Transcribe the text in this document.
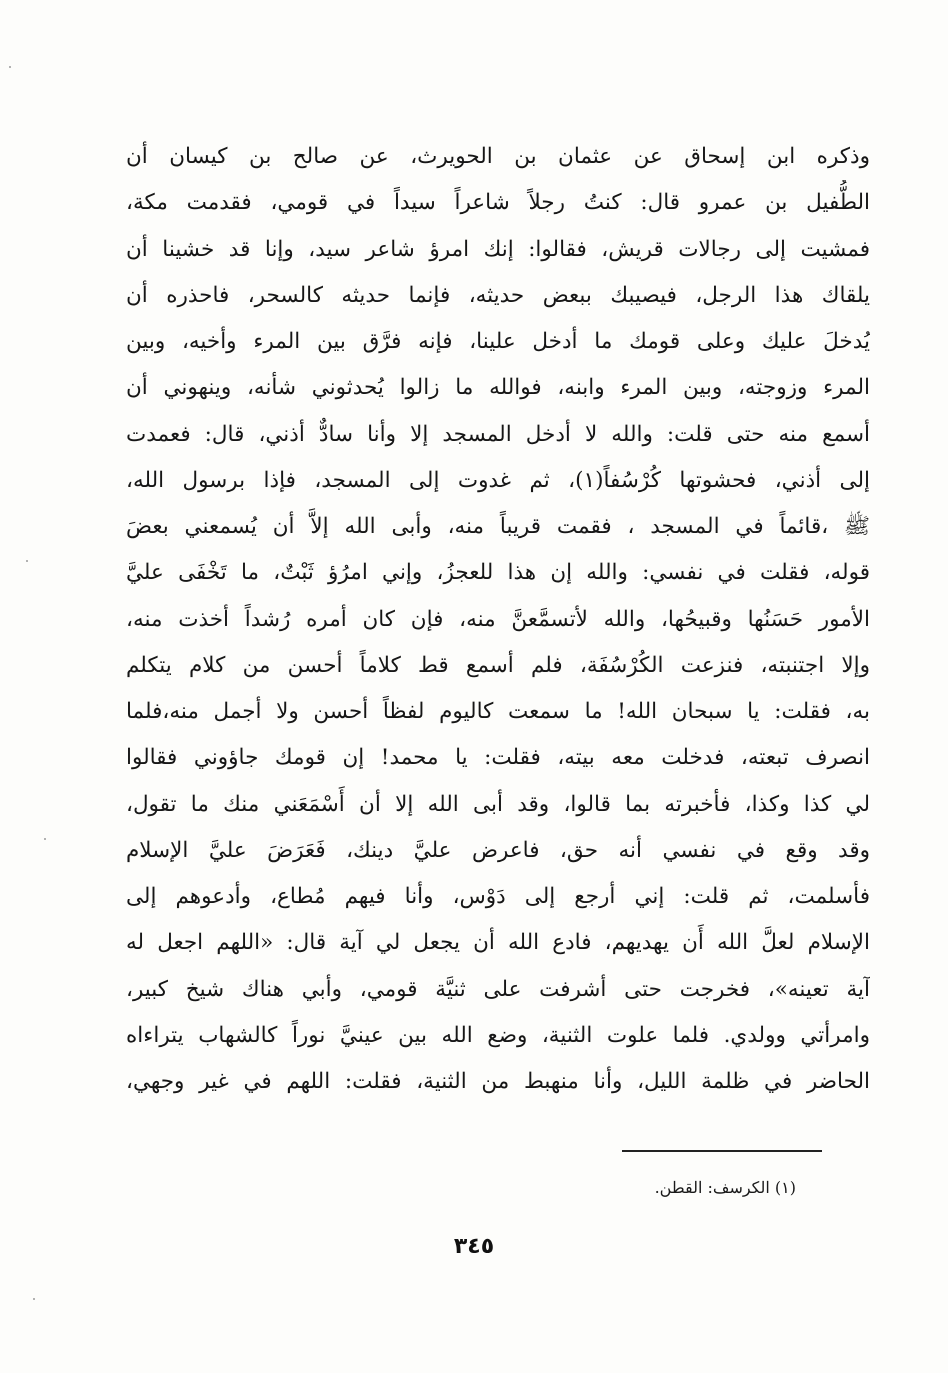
وذكره ابن إسحاق عن عثمان بن الحويرث، عن صالح بن كيسان أن
الطُّفيل بن عمرو قال: كنتُ رجلاً شاعراً سيداً في قومي، فقدمت مكة،
فمشيت إلى رجالات قريش، فقالوا: إنك امرؤ شاعر سيد، وإنا قد خشينا أن
يلقاك هذا الرجل، فيصيبك ببعض حديثه، فإنما حديثه كالسحر، فاحذره أن
يُدخلَ عليك وعلى قومك ما أدخل علينا، فإنه فرَّق بين المرء وأخيه، وبين
المرء وزوجته، وبين المرء وابنه، فوالله ما زالوا يُحدثوني شأنه، وينهوني أن
أسمع منه حتى قلت: والله لا أدخل المسجد إلا وأنا سادٌّ أذني، قال: فعمدت
إلى أذني، فحشوتها كُرْسُفاً(١)، ثم غدوت إلى المسجد، فإذا برسول الله،
ﷺ ،قائماً في المسجد ، فقمت قريباً منه، وأبى الله إلاَّ أن يُسمعني بعضَ
قوله، فقلت في نفسي: والله إن هذا للعجزُ، وإني امرُؤ ثَبْتٌ، ما تَخْفَى عليَّ
الأمور حَسَنُها وقبيحُها، والله لأتسمَّعنَّ منه، فإن كان أمره رُشداً أخذت منه،
وإلا اجتنبته، فنزعت الكُرْسُفَة، فلم أسمع قط كلاماً أحسن من كلام يتكلم
به، فقلت: يا سبحان الله! ما سمعت كاليوم لفظاً أحسن ولا أجمل منه،فلما
انصرف تبعته، فدخلت معه بيته، فقلت: يا محمد! إن قومك جاؤوني فقالوا
لي كذا وكذا، فأخبرته بما قالوا، وقد أبى الله إلا أن أَسْمَعَني منك ما تقول،
وقد وقع في نفسي أنه حق، فاعرض عليَّ دينك، فَعَرَضَ عليَّ الإسلام
فأسلمت، ثم قلت: إني أرجع إلى دَوْس، وأنا فيهم مُطاع، وأدعوهم إلى
الإسلام لعلَّ الله أَن يهديهم، فادع الله أن يجعل لي آية قال: «اللهم اجعل له
آية تعينه»، فخرجت حتى أشرفت على ثنيَّة قومي، وأبي هناك شيخ كبير،
وامرأتي وولدي. فلما علوت الثنية، وضع الله بين عينيَّ نوراً كالشهاب يتراءاه
الحاضر في ظلمة الليل، وأنا منهبط من الثنية، فقلت: اللهم في غير وجهي،
(١) الكرسف: القطن.
٣٤٥
